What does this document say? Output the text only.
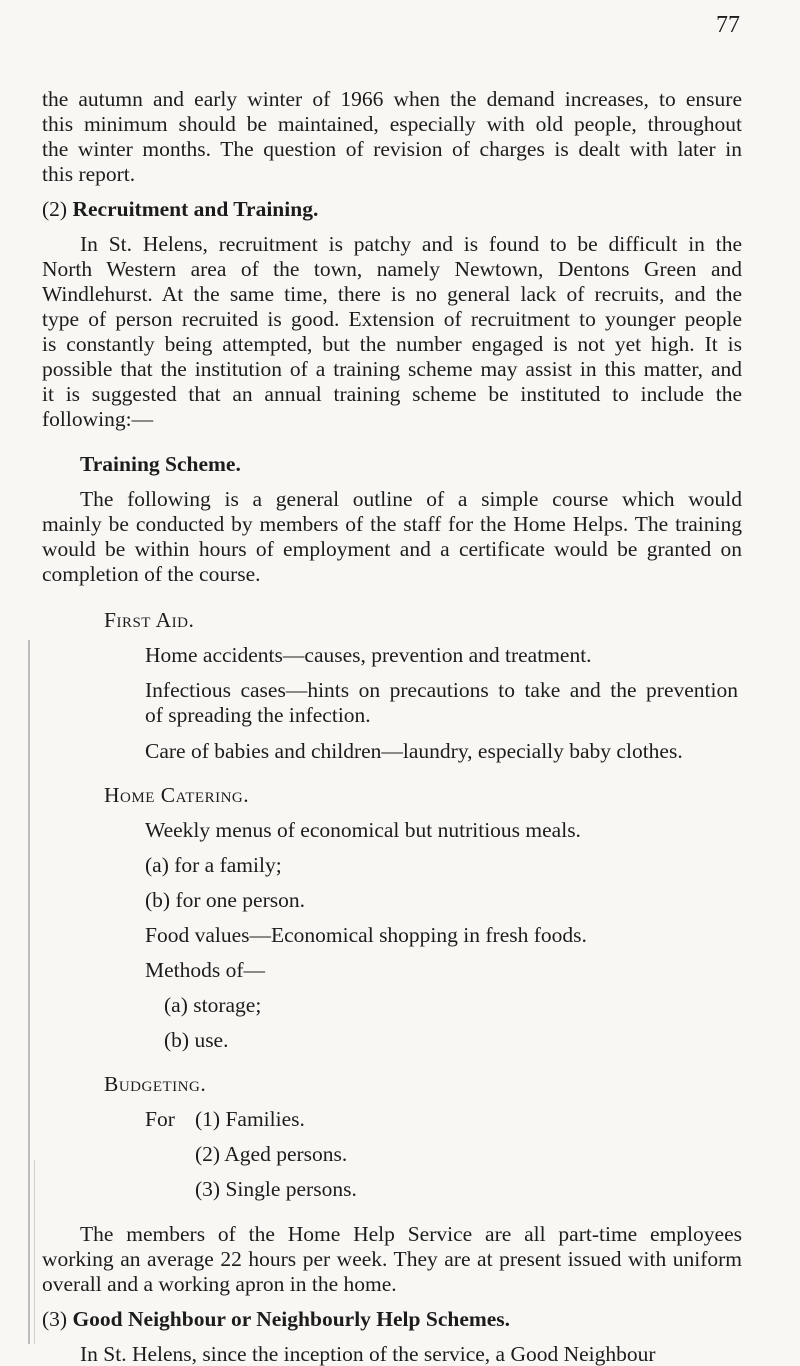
77
the autumn and early winter of 1966 when the demand increases, to ensure
this minimum should be maintained, especially with old people, throughout
the winter months. The question of revision of charges is dealt with later in
this report.
(2) Recruitment and Training.
In St. Helens, recruitment is patchy and is found to be difficult in the
North Western area of the town, namely Newtown, Dentons Green and
Windlehurst. At the same time, there is no general lack of recruits, and the
type of person recruited is good. Extension of recruitment to younger people
is constantly being attempted, but the number engaged is not yet high. It is
possible that the institution of a training scheme may assist in this matter, and
it is suggested that an annual training scheme be instituted to include the
following:—
Training Scheme.
The following is a general outline of a simple course which would
mainly be conducted by members of the staff for the Home Helps. The training
would be within hours of employment and a certificate would be granted on
completion of the course.
First Aid.
Home accidents—causes, prevention and treatment.
Infectious cases—hints on precautions to take and the prevention
of spreading the infection.
Care of babies and children—laundry, especially baby clothes.
Home Catering.
Weekly menus of economical but nutritious meals.
(a) for a family;
(b) for one person.
Food values—Economical shopping in fresh foods.
Methods of—
(a) storage;
(b) use.
Budgeting.
For (1) Families.
(2) Aged persons.
(3) Single persons.
The members of the Home Help Service are all part-time employees
working an average 22 hours per week. They are at present issued with uniform
overall and a working apron in the home.
(3) Good Neighbour or Neighbourly Help Schemes.
In St. Helens, since the inception of the service, a Good Neighbour
